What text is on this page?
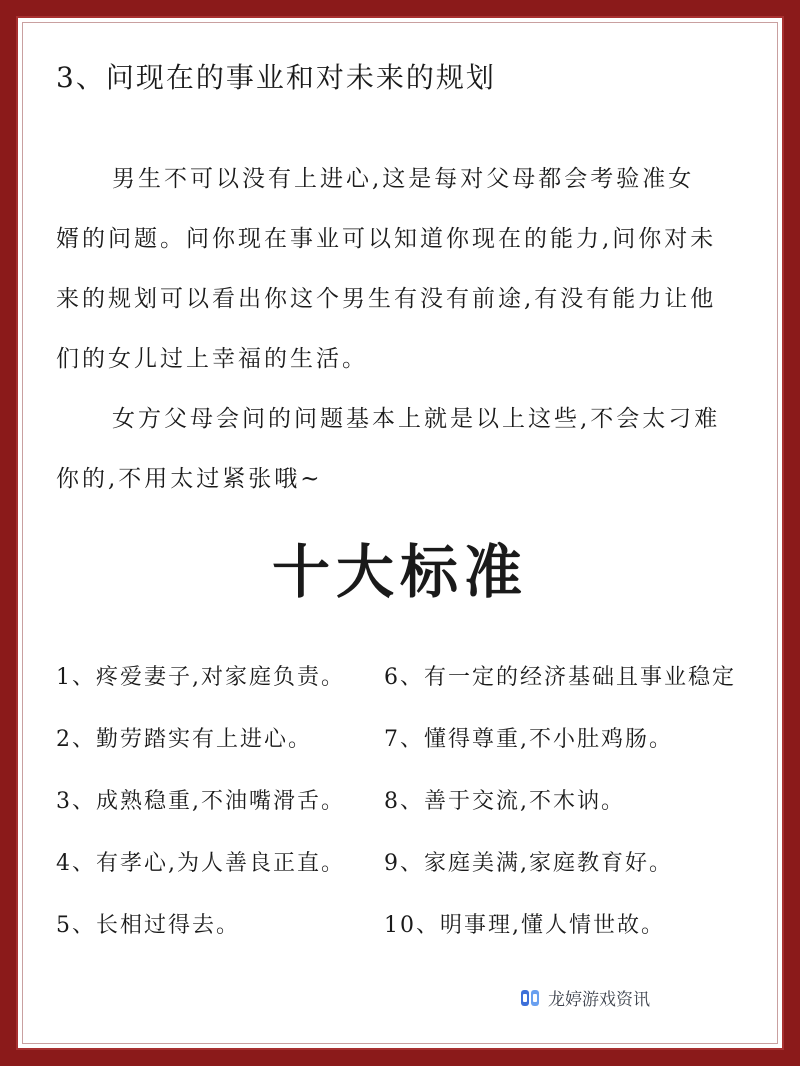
3、问现在的事业和对未来的规划
男生不可以没有上进心,这是每对父母都会考验准女
婿的问题。问你现在事业可以知道你现在的能力,问你对未
来的规划可以看出你这个男生有没有前途,有没有能力让他
们的女儿过上幸福的生活。
女方父母会问的问题基本上就是以上这些,不会太刁难
你的,不用太过紧张哦~
十大标准
1、疼爱妻子,对家庭负责。
2、勤劳踏实有上进心。
3、成熟稳重,不油嘴滑舌。
4、有孝心,为人善良正直。
5、长相过得去。
6、有一定的经济基础且事业稳定
7、懂得尊重,不小肚鸡肠。
8、善于交流,不木讷。
9、家庭美满,家庭教育好。
10、明事理,懂人情世故。
龙婷游戏资讯
